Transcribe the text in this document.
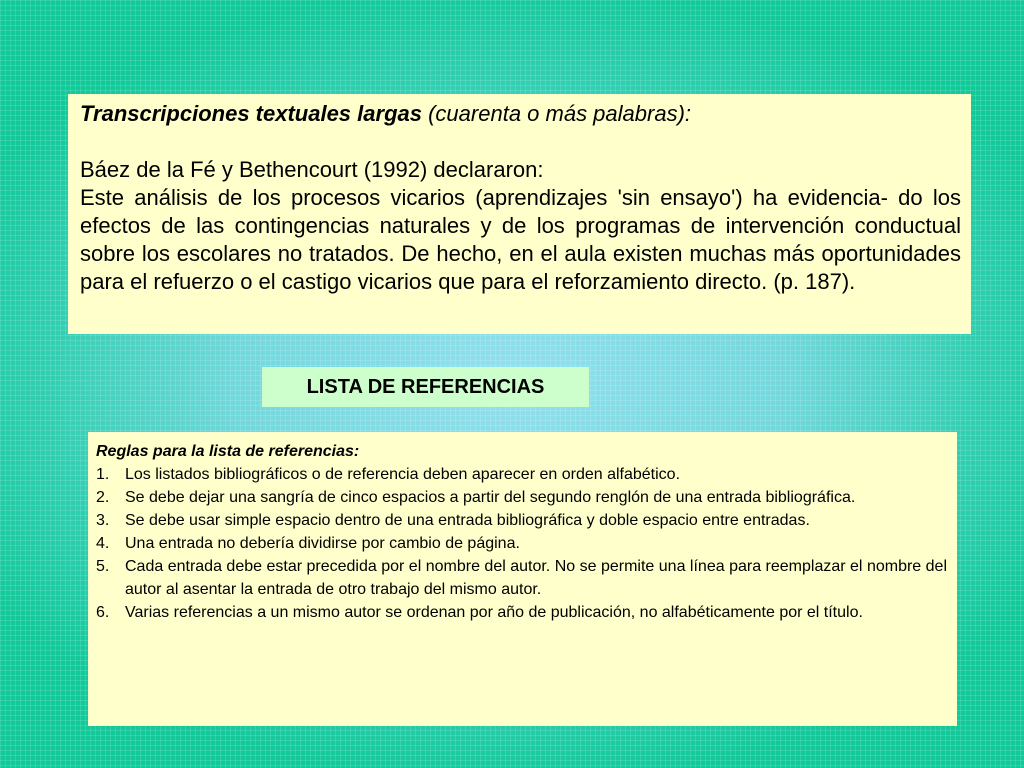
Transcripciones textuales largas (cuarenta o más palabras):

Báez de la Fé y Bethencourt (1992) declararon:

Este análisis de los procesos vicarios (aprendizajes 'sin ensayo') ha evidencia- do los efectos de las contingencias naturales y de los programas de intervención conductual sobre los escolares no tratados. De hecho, en el aula existen muchas más oportunidades para el refuerzo o el castigo vicarios que para el reforzamiento directo. (p. 187).

LISTA DE REFERENCIAS

Reglas para la lista de referencias:

1. Los listados bibliográficos o de referencia deben aparecer en orden alfabético.
2. Se debe dejar una sangría de cinco espacios a partir del segundo renglón de una entrada bibliográfica.
3. Se debe usar simple espacio dentro de una entrada bibliográfica y doble espacio entre entradas.
4. Una entrada no debería dividirse por cambio de página.
5. Cada entrada debe estar precedida por el nombre del autor. No se permite una línea para reemplazar el nombre del autor al asentar la entrada de otro trabajo del mismo autor.
6. Varias referencias a un mismo autor se ordenan por año de publicación, no alfabéticamente por el título.
